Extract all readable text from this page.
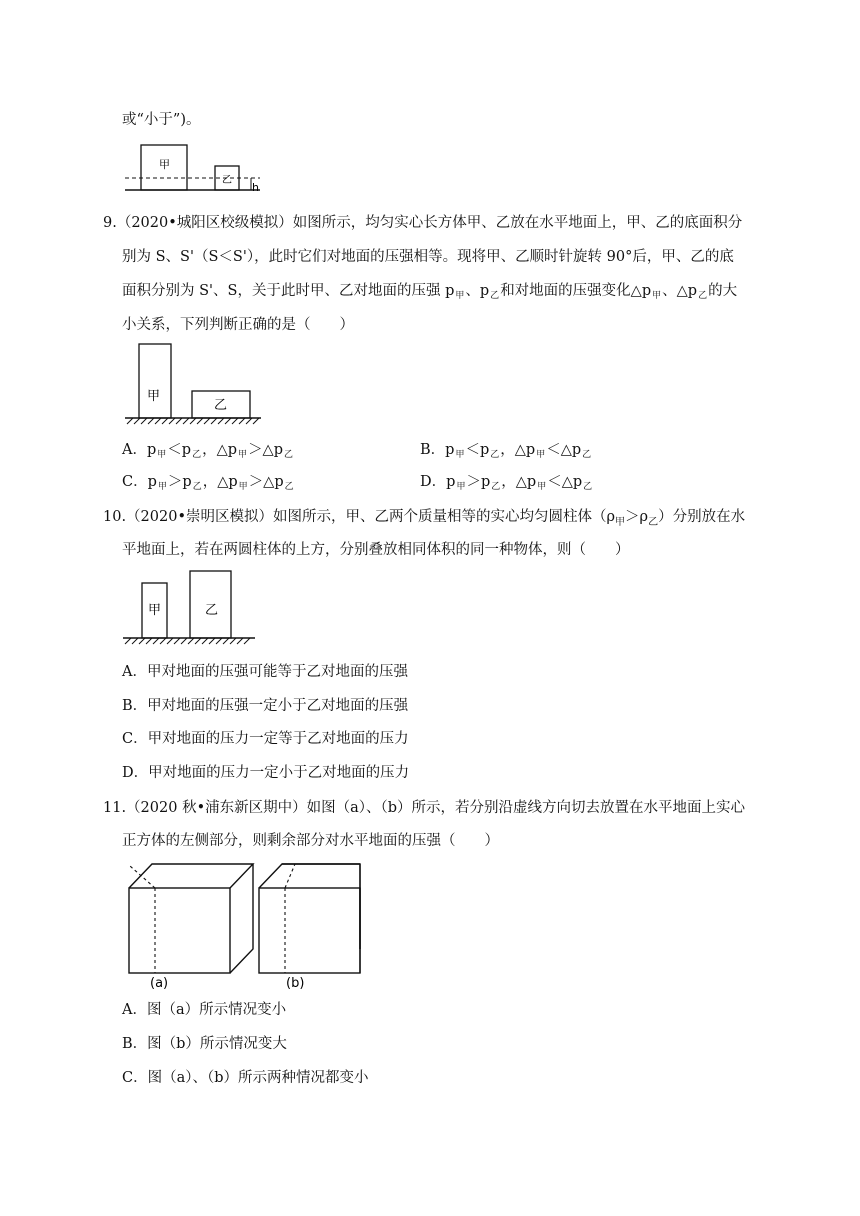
或“小于”)。
甲
乙
h
9.（2020•城阳区校级模拟）如图所示，均匀实心长方体甲、乙放在水平地面上，甲、乙的底面积分
别为 S、S'（S＜S'），此时它们对地面的压强相等。现将甲、乙顺时针旋转 90°后，甲、乙的底
面积分别为 S'、S，关于此时甲、乙对地面的压强 $p_甲$、$p_乙$和对地面的压强变化$\triangle p_甲$、$\triangle p_乙$的大
小关系，下列判断正确的是（　　）
甲
乙
A．$p_甲<p_乙$，$\triangle p_甲>\triangle p_乙$	B．$p_甲<p_乙$，$\triangle p_甲<\triangle p_乙$
C．$p_甲>p_乙$，$\triangle p_甲>\triangle p_乙$	D．$p_甲>p_乙$，$\triangle p_甲<\triangle p_乙$
10.（2020•崇明区模拟）如图所示，甲、乙两个质量相等的实心均匀圆柱体$(\rho_甲>\rho_乙)$分别放在水
平地面上，若在两圆柱体的上方，分别叠放相同体积的同一种物体，则（　　）
甲	乙
A．甲对地面的压强可能等于乙对地面的压强
B．甲对地面的压强一定小于乙对地面的压强
C．甲对地面的压力一定等于乙对地面的压力
D．甲对地面的压力一定小于乙对地面的压力
11.（2020 秋•浦东新区期中）如图（a）、（b）所示，若分别沿虚线方向切去放置在水平地面上实心
正方体的左侧部分，则剩余部分对水平地面的压强（　　）
(a)	(b)
A．图（a）所示情况变小
B．图（b）所示情况变大
C．图（a）、（b）所示两种情况都变小
